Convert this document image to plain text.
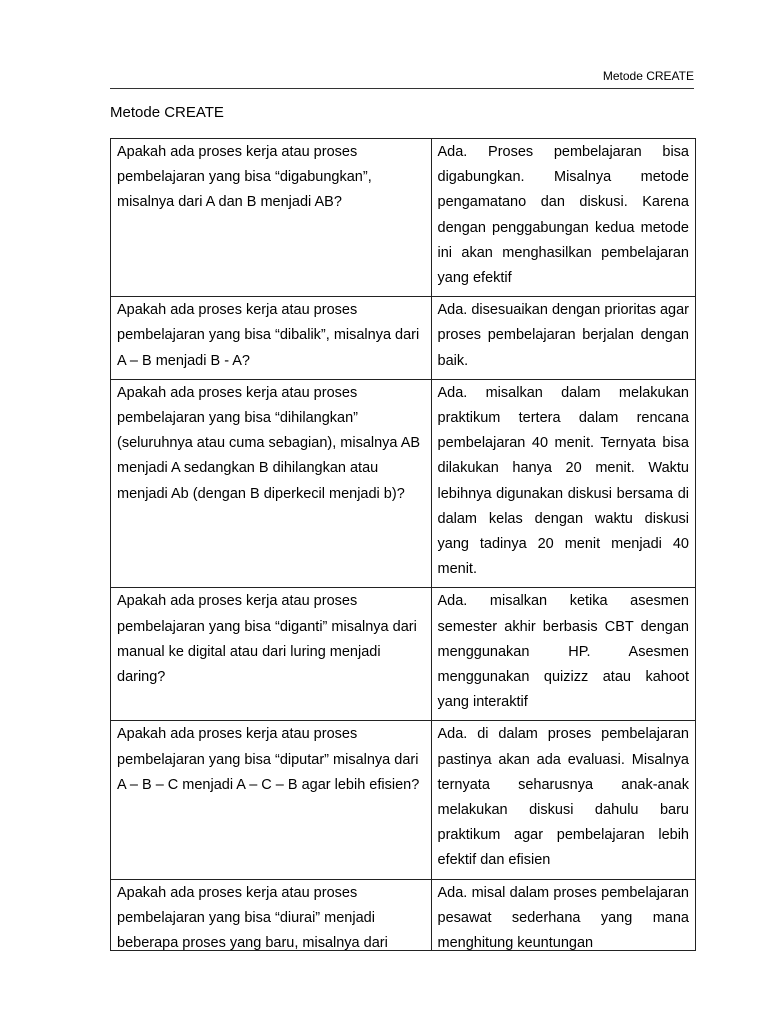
Metode CREATE
Metode CREATE
Apakah ada proses kerja atau proses pembelajaran yang bisa “digabungkan”, misalnya dari A dan B menjadi AB?	Ada. Proses pembelajaran bisa digabungkan. Misalnya metode pengamatano dan diskusi. Karena dengan penggabungan kedua metode ini akan menghasilkan pembelajaran yang efektif
Apakah ada proses kerja atau proses pembelajaran yang bisa “dibalik”, misalnya dari A – B menjadi B - A?	Ada. disesuaikan dengan prioritas agar proses pembelajaran berjalan dengan baik.
Apakah ada proses kerja atau proses pembelajaran yang bisa “dihilangkan” (seluruhnya atau cuma sebagian), misalnya AB menjadi A sedangkan B dihilangkan atau menjadi Ab (dengan B diperkecil menjadi b)?	Ada. misalkan dalam melakukan praktikum tertera dalam rencana pembelajaran 40 menit. Ternyata bisa dilakukan hanya 20 menit. Waktu lebihnya digunakan diskusi bersama di dalam kelas dengan waktu diskusi yang tadinya 20 menit menjadi 40 menit.
Apakah ada proses kerja atau proses pembelajaran yang bisa “diganti” misalnya dari manual ke digital atau dari luring menjadi daring?	Ada. misalkan ketika asesmen semester akhir berbasis CBT dengan menggunakan HP. Asesmen menggunakan quizizz atau kahoot yang interaktif
Apakah ada proses kerja atau proses pembelajaran yang bisa “diputar” misalnya dari A – B – C menjadi A – C – B agar lebih efisien?	Ada. di dalam proses pembelajaran pastinya akan ada evaluasi. Misalnya ternyata seharusnya anak-anak melakukan diskusi dahulu baru praktikum agar pembelajaran lebih efektif dan efisien
Apakah ada proses kerja atau proses pembelajaran yang bisa “diurai” menjadi beberapa proses yang baru, misalnya dari	Ada. misal dalam proses pembelajaran pesawat sederhana yang mana menghitung keuntungan
